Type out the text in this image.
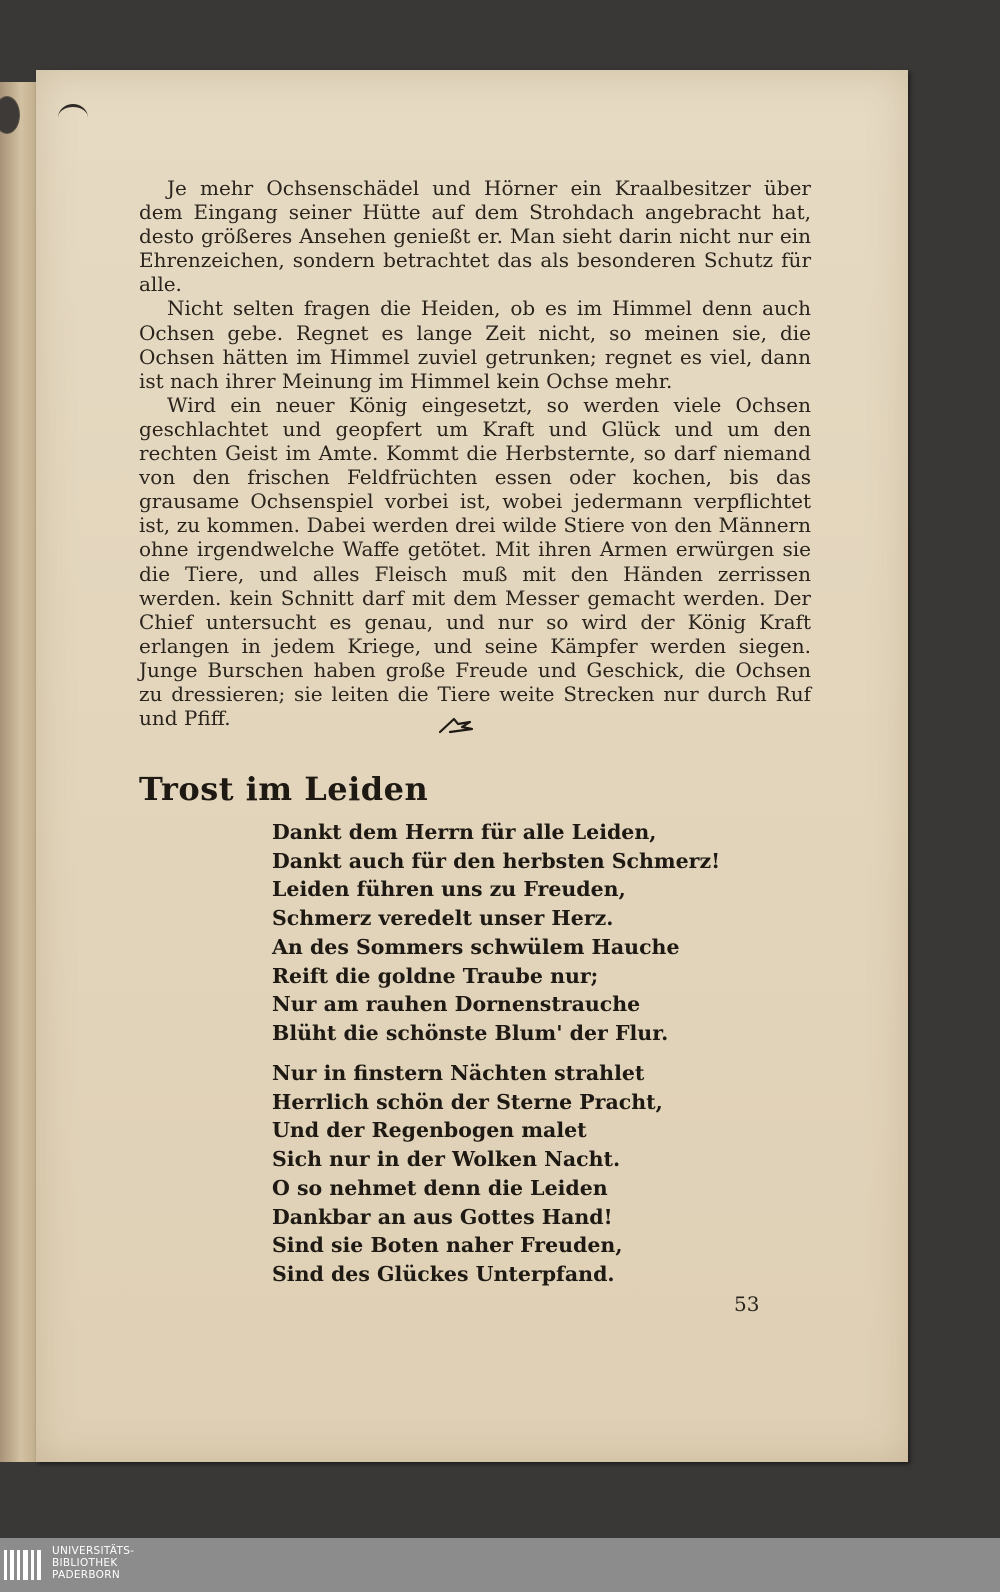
Je mehr Ochsenschädel und Hörner ein Kraalbesitzer über dem Eingang seiner Hütte auf dem Strohdach angebracht hat, desto größeres Ansehen genießt er. Man sieht darin nicht nur ein Ehrenzeichen, sondern betrachtet das als besonderen Schutz für alle.

Nicht selten fragen die Heiden, ob es im Himmel denn auch Ochsen gebe. Regnet es lange Zeit nicht, so meinen sie, die Ochsen hätten im Himmel zuviel getrunken; regnet es viel, dann ist nach ihrer Meinung im Himmel kein Ochse mehr.

Wird ein neuer König eingesetzt, so werden viele Ochsen geschlachtet und geopfert um Kraft und Glück und um den rechten Geist im Amte. Kommt die Herbsternte, so darf niemand von den frischen Feldfrüchten essen oder kochen, bis das grausame Ochsenspiel vorbei ist, wobei jedermann verpflichtet ist, zu kommen. Dabei werden drei wilde Stiere von den Männern ohne irgendwelche Waffe getötet. Mit ihren Armen erwürgen sie die Tiere, und alles Fleisch muß mit den Händen zerrissen werden. kein Schnitt darf mit dem Messer gemacht werden. Der Chief untersucht es genau, und nur so wird der König Kraft erlangen in jedem Kriege, und seine Kämpfer werden siegen. Junge Burschen haben große Freude und Geschick, die Ochsen zu dressieren; sie leiten die Tiere weite Strecken nur durch Ruf und Pfiff.

Trost im Leiden
Dankt dem Herrn für alle Leiden,
Dankt auch für den herbsten Schmerz!
Leiden führen uns zu Freuden,
Schmerz veredelt unser Herz.
An des Sommers schwülem Hauche
Reift die goldne Traube nur;
Nur am rauhen Dornenstrauche
Blüht die schönste Blum' der Flur.
Nur in finstern Nächten strahlet
Herrlich schön der Sterne Pracht,
Und der Regenbogen malet
Sich nur in der Wolken Nacht.
O so nehmet denn die Leiden
Dankbar an aus Gottes Hand!
Sind sie Boten naher Freuden,
Sind des Glückes Unterpfand.
53
UNIVERSITÄTS-
BIBLIOTHEK
PADERBORN
